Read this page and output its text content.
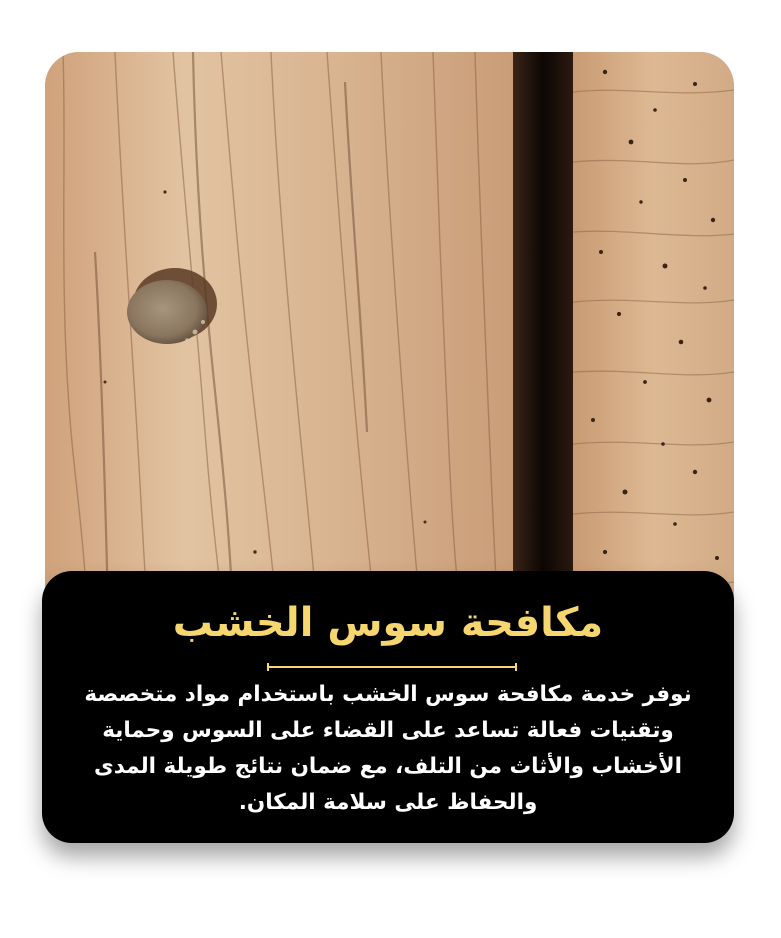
مكافحة سوس الخشب
نوفر خدمة مكافحة سوس الخشب باستخدام مواد متخصصة وتقنيات فعالة تساعد على القضاء على السوس وحماية الأخشاب والأثاث من التلف، مع ضمان نتائج طويلة المدى والحفاظ على سلامة المكان.
